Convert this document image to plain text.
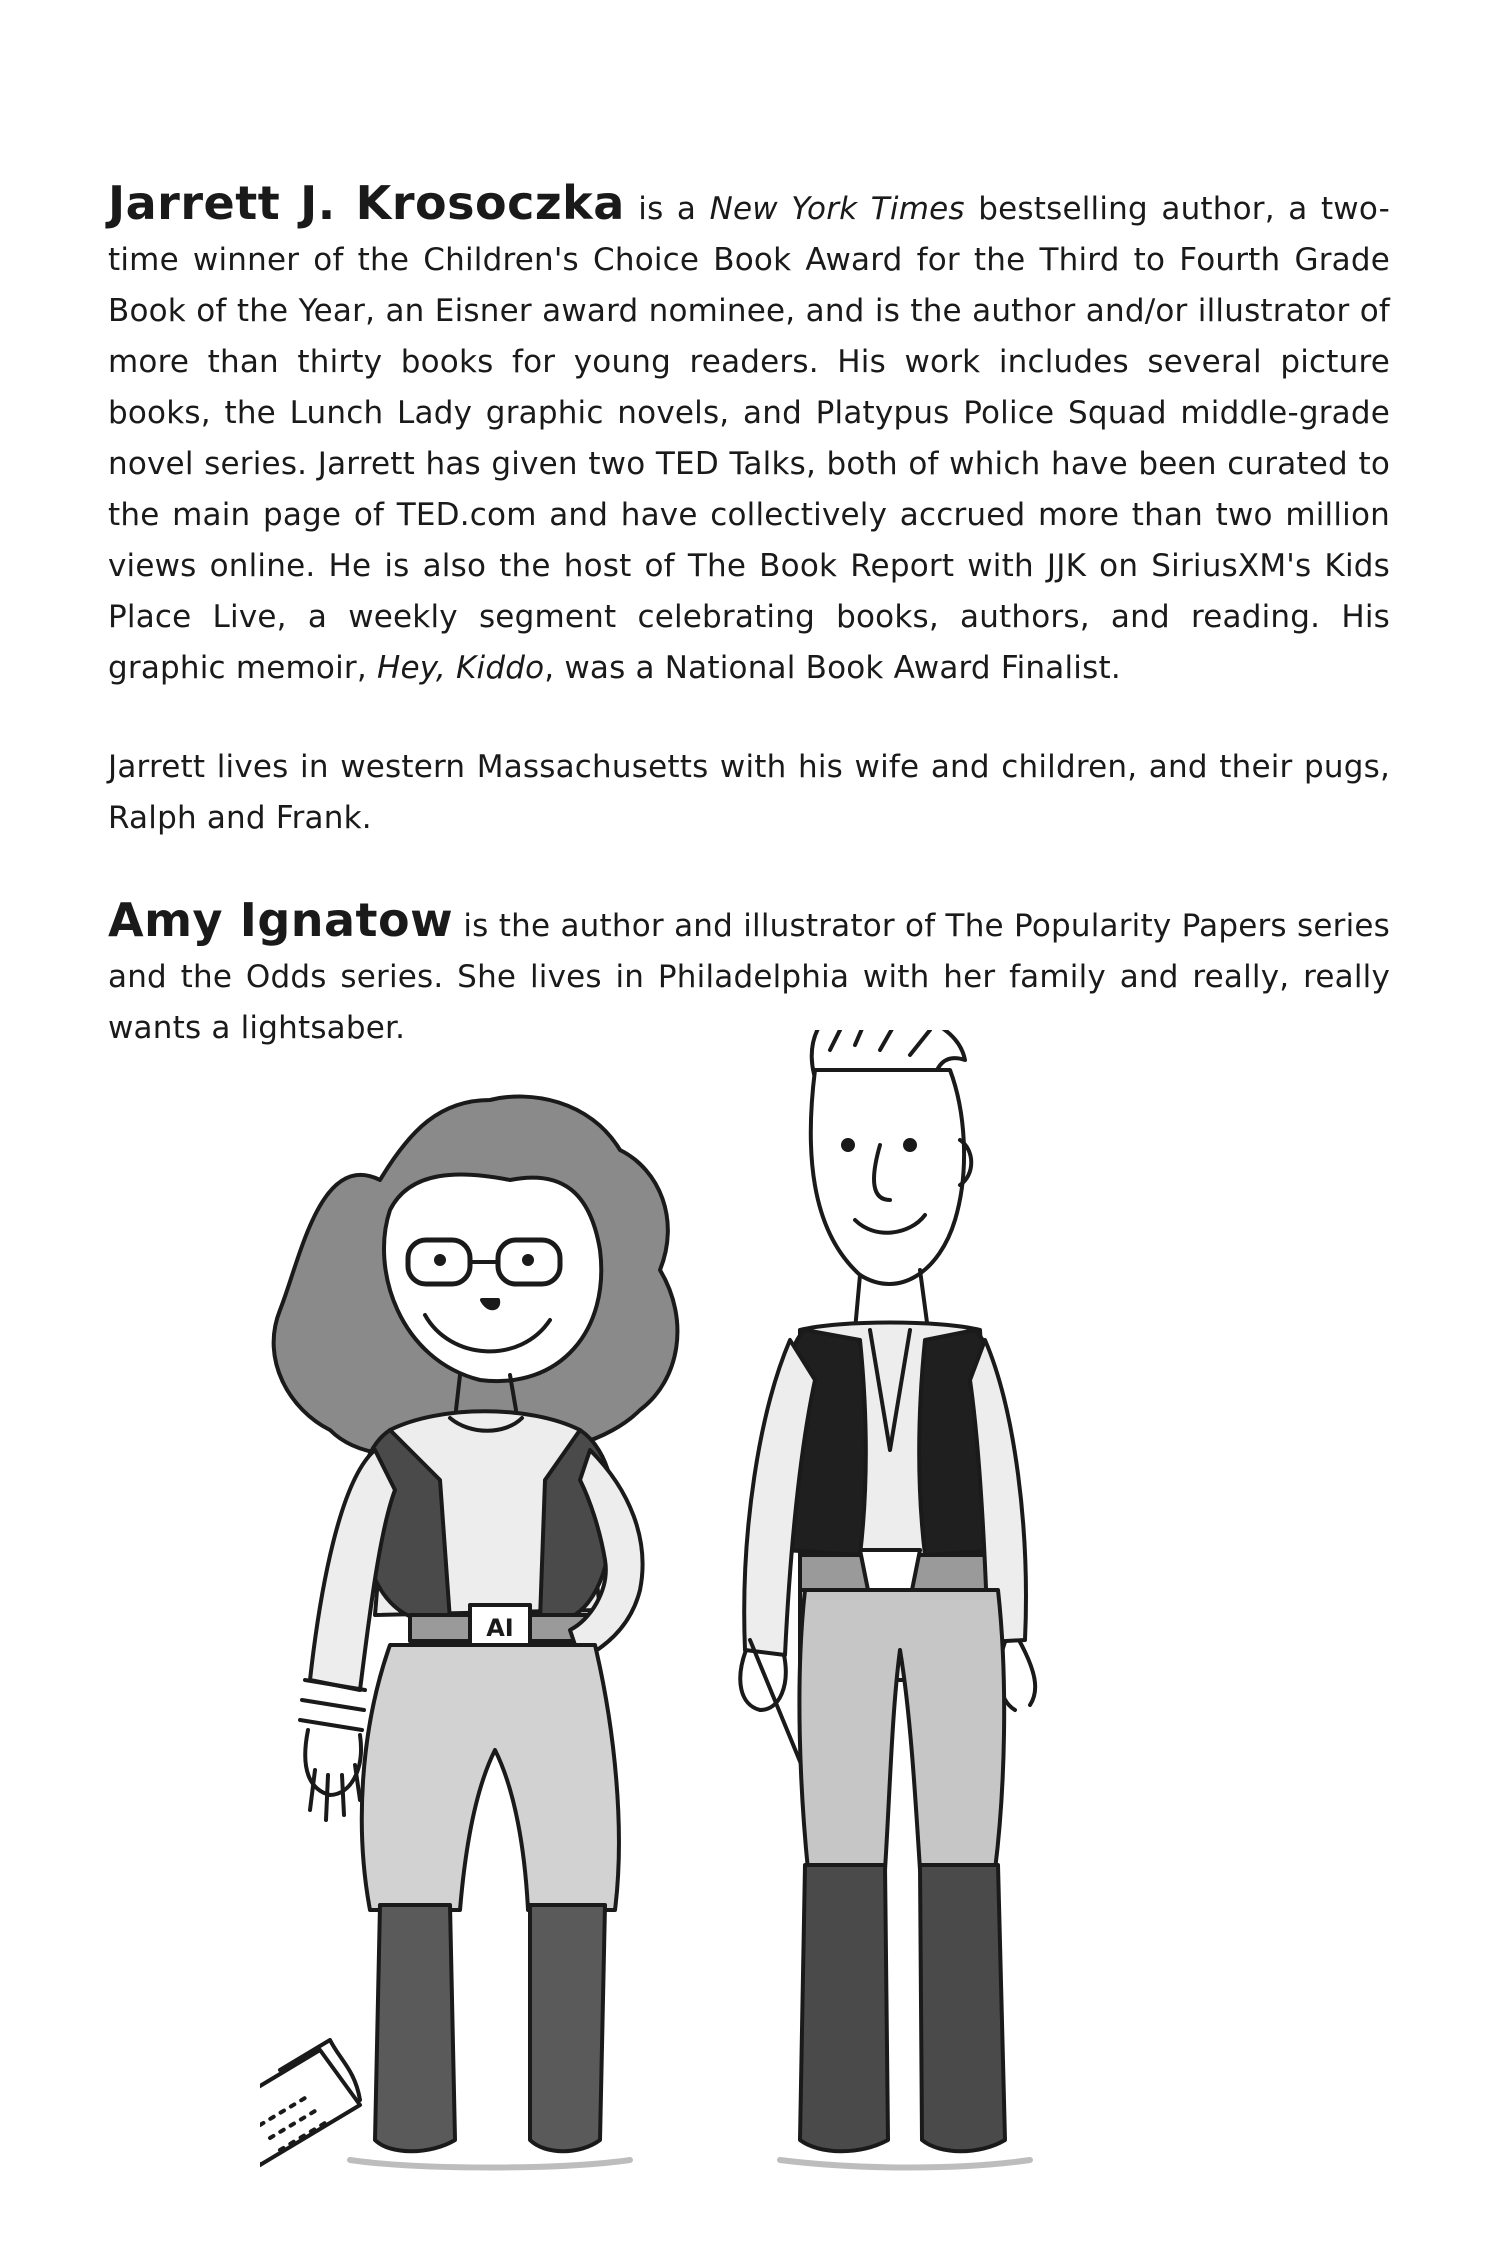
Jarrett J. Krosoczka is a New York Times bestselling author, a two-time winner of the Children's Choice Book Award for the Third to Fourth Grade Book of the Year, an Eisner award nominee, and is the author and/or illustrator of more than thirty books for young readers. His work includes several picture books, the Lunch Lady graphic novels, and Platypus Police Squad middle-grade novel series. Jarrett has given two TED Talks, both of which have been curated to the main page of TED.com and have collectively accrued more than two million views online. He is also the host of The Book Report with JJK on SiriusXM's Kids Place Live, a weekly segment celebrating books, authors, and reading. His graphic memoir, Hey, Kiddo, was a National Book Award Finalist.

Jarrett lives in western Massachusetts with his wife and children, and their pugs, Ralph and Frank.

Amy Ignatow is the author and illustrator of The Popularity Papers series and the Odds series. She lives in Philadelphia with her family and really, really wants a lightsaber.

AI
